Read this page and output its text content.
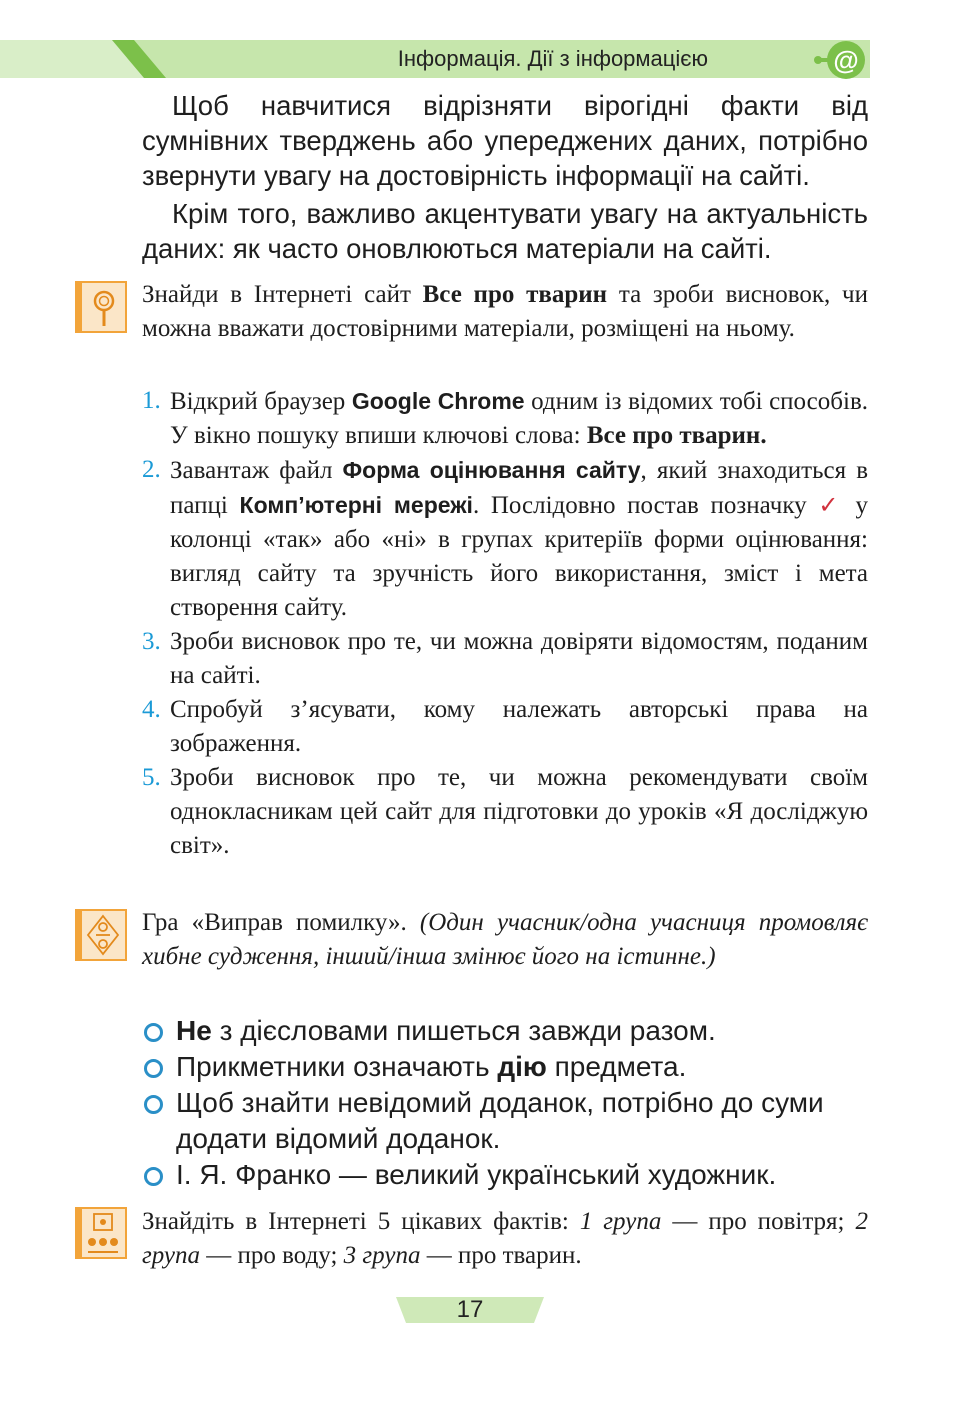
Інформація. Дії з інформацією	@

Щоб навчитися відрізняти вірогідні факти від сумнівних тверджень або упереджених даних, потрібно звернути увагу на достовірність інформації на сайті.

Крім того, важливо акцентувати увагу на актуальність даних: як часто оновлюються матеріали на сайті.

Знайди в Інтернеті сайт Все про тварин та зроби висновок, чи можна вважати достовірними матеріали, розміщені на ньому.

1. Відкрий браузер Google Chrome одним із відомих тобі способів. У вікно пошуку впиши ключові слова: Все про тварин.
2. Завантаж файл Форма оцінювання сайту, який знаходиться в папці Комп’ютерні мережі. Послідовно постав позначку ✓ у колонці «так» або «ні» в групах критеріїв форми оцінювання: вигляд сайту та зручність його використання, зміст і мета створення сайту.
3. Зроби висновок про те, чи можна довіряти відомостям, поданим на сайті.
4. Спробуй з’ясувати, кому належать авторські права на зображення.
5. Зроби висновок про те, чи можна рекомендувати своїм однокласникам цей сайт для підготовки до уроків «Я досліджую світ».

Гра «Виправ помилку». (Один учасник/одна учасниця промовляє хибне судження, інший/інша змінює його на істинне.)

Не з дієсловами пишеться завжди разом.
Прикметники означають дію предмета.
Щоб знайти невідомий доданок, потрібно до суми додати відомий доданок.
І. Я. Франко — великий український художник.

Знайдіть в Інтернеті 5 цікавих фактів: 1 група — про повітря; 2 група — про воду; 3 група — про тварин.

17
